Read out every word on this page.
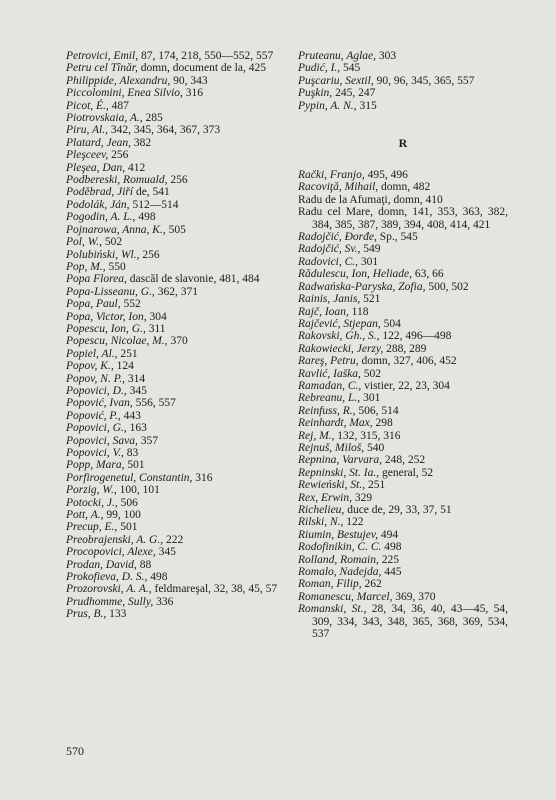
Petrovici, Emil, 87, 174, 218, 550—552, 557

Petru cel Tînăr, domn, document de la, 425

Philippide, Alexandru, 90, 343

Piccolomini, Enea Silvio, 316

Picot, É., 487

Piotrovskaia, A., 285

Piru, Al., 342, 345, 364, 367, 373

Platard, Jean, 382

Pleşceev, 256

Pleşea, Dan, 412

Podbereski, Romuald, 256

Poděbrad, Jiří de, 541

Podolák, Ján, 512—514

Pogodin, A. L., 498

Pojnarowa, Anna, K., 505

Pol, W., 502

Polubiński, Wl., 256

Pop, M., 550

Popa Florea, dascăl de slavonie, 481, 484

Popa-Lisseanu, G., 362, 371

Popa, Paul, 552

Popa, Victor, Ion, 304

Popescu, Ion, G., 311

Popescu, Nicolae, M., 370

Popiel, Al., 251

Popov, K., 124

Popov, N. P., 314

Popovici, D., 345

Popović, Ivan, 556, 557

Popović, P., 443

Popovici, G., 163

Popovici, Sava, 357

Popovici, V., 83

Popp, Mara, 501

Porfirogenetul, Constantin, 316

Porzig, W., 100, 101

Potocki, J., 506

Pott, A., 99, 100

Precup, E., 501

Preobrajenski, A. G., 222

Procopovici, Alexe, 345

Prodan, David, 88

Prokofieva, D. S., 498

Prozorovski, A. A., feldmareşal, 32, 38, 45, 57

Prudhomme, Sully, 336

Prus, B., 133

Pruteanu, Aglae, 303

Pudić, I., 545

Puşcariu, Sextil, 90, 96, 345, 365, 557

Puşkin, 245, 247

Pypin, A. N., 315

R

Rački, Franjo, 495, 496

Racoviţă, Mihail, domn, 482

Radu de la Afumaţi, domn, 410

Radu cel Mare, domn, 141, 353, 363, 382, 384, 385, 387, 389, 394, 408, 414, 421

Radojčić, Đorđe, Sp., 545

Radojčić, Sv., 549

Radovici, C., 301

Rădulescu, Ion, Heliade, 63, 66

Radwańska-Paryska, Zofia, 500, 502

Rainis, Janis, 521

Rajč, Ioan, 118

Rajčević, Stjepan, 504

Rakovski, Gh., S., 122, 496—498

Rakowiecki, Jerzy, 288, 289

Rareş, Petru, domn, 327, 406, 452

Ravlić, Iaška, 502

Ramadan, C., vistier, 22, 23, 304

Rebreanu, L., 301

Reinfuss, R., 506, 514

Reinhardt, Max, 298

Rej, M., 132, 315, 316

Rejnuš, Miloš, 540

Repnina, Varvara, 248, 252

Repninski, St. Ia., general, 52

Rewieński, St., 251

Rex, Erwin, 329

Richelieu, duce de, 29, 33, 37, 51

Rilski, N., 122

Riumin, Bestujev, 494

Rodofinikin, C. C. 498

Rolland, Romain, 225

Romalo, Nadejda, 445

Roman, Filip, 262

Romanescu, Marcel, 369, 370

Romanski, St., 28, 34, 36, 40, 43—45, 54, 309, 334, 343, 348, 365, 368, 369, 534, 537

570
